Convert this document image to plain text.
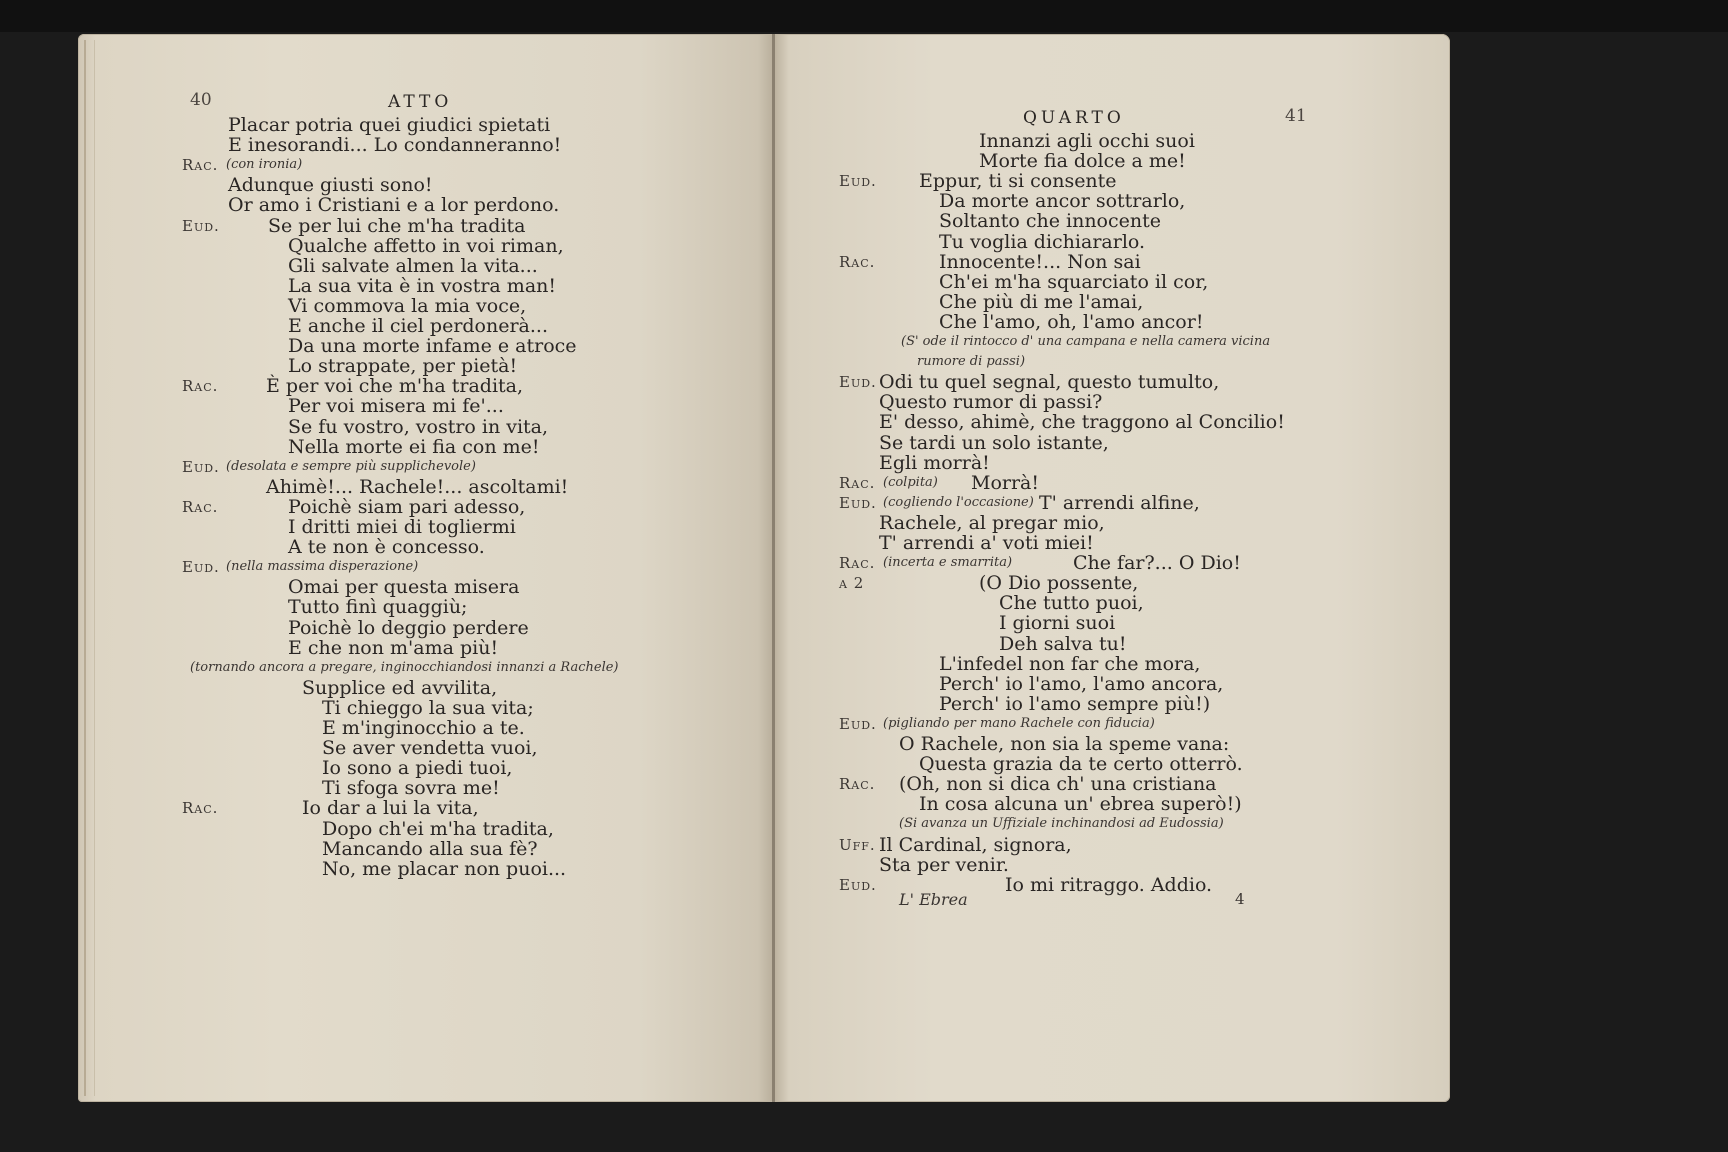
40	ATTO
Placar potria quei giudici spietati
E inesorandi... Lo condanneranno!
Rac. (con ironia)
Adunque giusti sono!
Or amo i Cristiani e a lor perdono.
Eud.	Se per lui che m'ha tradita
Qualche affetto in voi riman,
Gli salvate almen la vita...
La sua vita è in vostra man!
Vi commova la mia voce,
E anche il ciel perdonerà...
Da una morte infame e atroce
Lo strappate, per pietà!
Rac.	È per voi che m'ha tradita,
Per voi misera mi fe'...
Se fu vostro, vostro in vita,
Nella morte ei fia con me!
Eud. (desolata e sempre più supplichevole)
Ahimè!... Rachele!... ascoltami!
Rac.	Poichè siam pari adesso,
I dritti miei di togliermi
A te non è concesso.
Eud. (nella massima disperazione)
Omai per questa misera
Tutto finì quaggiù;
Poichè lo deggio perdere
E che non m'ama più!
(tornando ancora a pregare, inginocchiandosi innanzi a Rachele)
Supplice ed avvilita,
Ti chieggo la sua vita;
E m'inginocchio a te.
Se aver vendetta vuoi,
Io sono a piedi tuoi,
Ti sfoga sovra me!
Rac.	Io dar a lui la vita,
Dopo ch'ei m'ha tradita,
Mancando alla sua fè?
No, me placar non puoi...
QUARTO	41
L' Ebrea	4
Innanzi agli occhi suoi
Morte fia dolce a me!
Eud. Eppur, ti si consente
Da morte ancor sottrarlo,
Soltanto che innocente
Tu voglia dichiararlo.
Rac.	Innocente!... Non sai
Ch'ei m'ha squarciato il cor,
Che più di me l'amai,
Che l'amo, oh, l'amo ancor!
(S' ode il rintocco d' una campana e nella camera vicina
rumore di passi)
Eud. Odi tu quel segnal, questo tumulto,
Questo rumor di passi?
E' desso, ahimè, che traggono al Concilio!
Se tardi un solo istante,
Egli morrà!
Rac. (colpita) Morrà!
Eud. (cogliendo l'occasione) T' arrendi alfine,
Rachele, al pregar mio,
T' arrendi a' voti miei!
Rac. (incerta e smarrita)	Che far?... O Dio!
a 2	(O Dio possente,
Che tutto puoi,
I giorni suoi
Deh salva tu!
L'infedel non far che mora,
Perch' io l'amo, l'amo ancora,
Perch' io l'amo sempre più!)
Eud. (pigliando per mano Rachele con fiducia)
O Rachele, non sia la speme vana:
Questa grazia da te certo otterrò.
Rac. (Oh, non si dica ch' una cristiana
In cosa alcuna un' ebrea superò!)
(Si avanza un Uffiziale inchinandosi ad Eudossia)
Uff. Il Cardinal, signora,
Sta per venir.
Eud.	Io mi ritraggo. Addio.
